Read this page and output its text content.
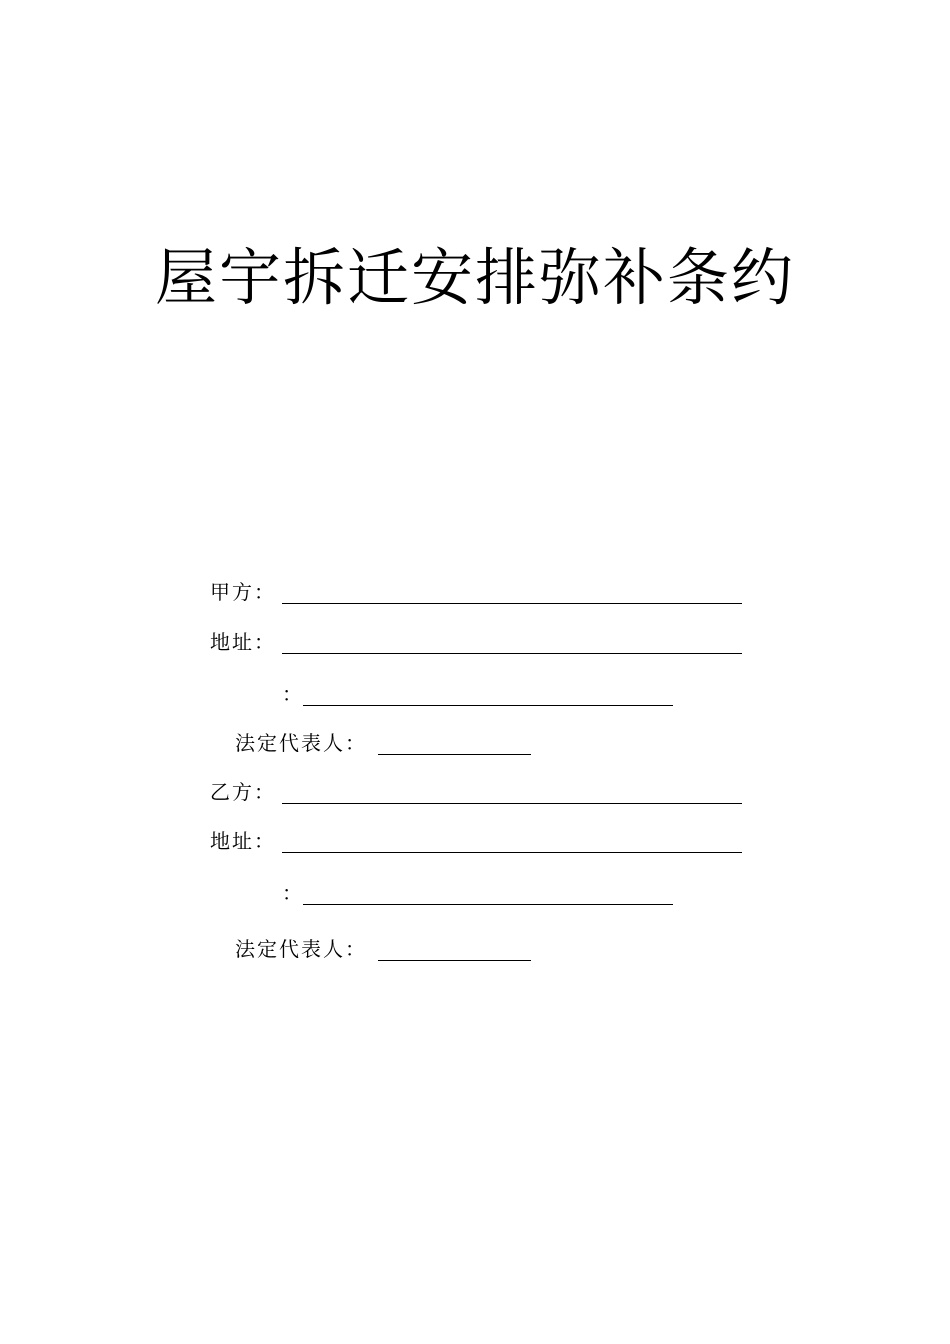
屋宇拆迁安排弥补条约
甲方：
地址：
：
法定代表人：
乙方：
地址：
：
法定代表人：
